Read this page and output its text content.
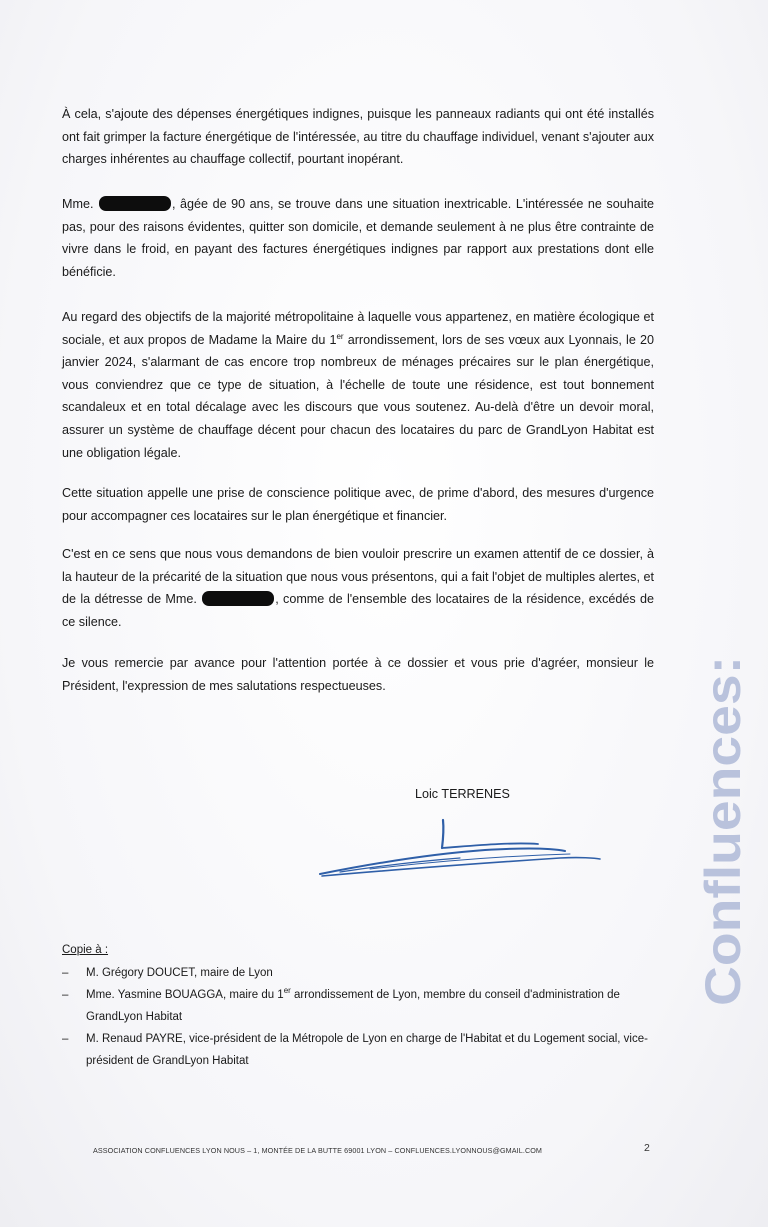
À cela, s'ajoute des dépenses énergétiques indignes, puisque les panneaux radiants qui ont été installés ont fait grimper la facture énergétique de l'intéressée, au titre du chauffage individuel, venant s'ajouter aux charges inhérentes au chauffage collectif, pourtant inopérant.

Mme.	, âgée de 90 ans, se trouve dans une situation inextricable. L'intéressée ne souhaite pas, pour des raisons évidentes, quitter son domicile, et demande seulement à ne plus être contrainte de vivre dans le froid, en payant des factures énergétiques indignes par rapport aux prestations dont elle bénéficie.

Au regard des objectifs de la majorité métropolitaine à laquelle vous appartenez, en matière écologique et sociale, et aux propos de Madame la Maire du 1er arrondissement, lors de ses vœux aux Lyonnais, le 20 janvier 2024, s'alarmant de cas encore trop nombreux de ménages précaires sur le plan énergétique, vous conviendrez que ce type de situation, à l'échelle de toute une résidence, est tout bonnement scandaleux et en total décalage avec les discours que vous soutenez. Au-delà d'être un devoir moral, assurer un système de chauffage décent pour chacun des locataires du parc de GrandLyon Habitat est une obligation légale.

Cette situation appelle une prise de conscience politique avec, de prime d'abord, des mesures d'urgence pour accompagner ces locataires sur le plan énergétique et financier.

C'est en ce sens que nous vous demandons de bien vouloir prescrire un examen attentif de ce dossier, à la hauteur de la précarité de la situation que nous vous présentons, qui a fait l'objet de multiples alertes, et de la détresse de Mme.	, comme de l'ensemble des locataires de la résidence, excédés de ce silence.

Je vous remercie par avance pour l'attention portée à ce dossier et vous prie d'agréer, monsieur le Président, l'expression de mes salutations respectueuses.

Loic TERRENES
Copie à :
– M. Grégory DOUCET, maire de Lyon
– Mme. Yasmine BOUAGGA, maire du 1er arrondissement de Lyon, membre du conseil d'administration de GrandLyon Habitat
– M. Renaud PAYRE, vice-président de la Métropole de Lyon en charge de l'Habitat et du Logement social, vice-président de GrandLyon Habitat
ASSOCIATION CONFLUENCES LYON NOUS – 1, MONTÉE DE LA BUTTE 69001 LYON – CONFLUENCES.LYONNOUS@GMAIL.COM	2
Confluences:
